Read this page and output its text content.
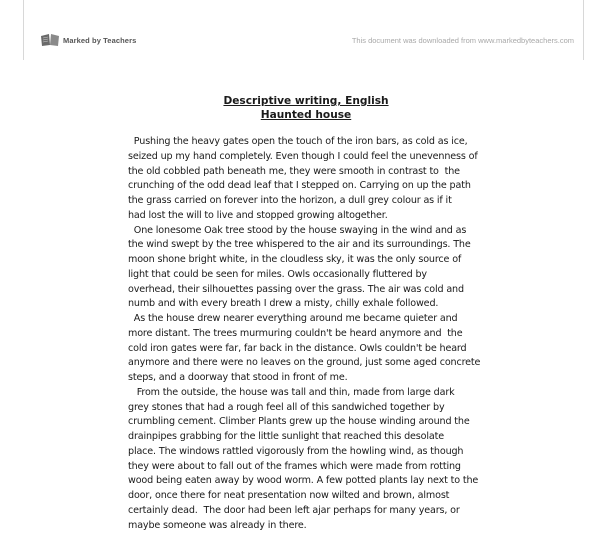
Marked by Teachers	This document was downloaded from www.markedbyteachers.com
Descriptive writing, English
Haunted house
Pushing the heavy gates open the touch of the iron bars, as cold as ice,
seized up my hand completely. Even though I could feel the unevenness of
the old cobbled path beneath me, they were smooth in contrast to  the
crunching of the odd dead leaf that I stepped on. Carrying on up the path
the grass carried on forever into the horizon, a dull grey colour as if it
had lost the will to live and stopped growing altogether.
One lonesome Oak tree stood by the house swaying in the wind and as
the wind swept by the tree whispered to the air and its surroundings. The
moon shone bright white, in the cloudless sky, it was the only source of
light that could be seen for miles. Owls occasionally fluttered by
overhead, their silhouettes passing over the grass. The air was cold and
numb and with every breath I drew a misty, chilly exhale followed.
As the house drew nearer everything around me became quieter and
more distant. The trees murmuring couldn't be heard anymore and  the
cold iron gates were far, far back in the distance. Owls couldn't be heard
anymore and there were no leaves on the ground, just some aged concrete
steps, and a doorway that stood in front of me.
From the outside, the house was tall and thin, made from large dark
grey stones that had a rough feel all of this sandwiched together by
crumbling cement. Climber Plants grew up the house winding around the
drainpipes grabbing for the little sunlight that reached this desolate
place. The windows rattled vigorously from the howling wind, as though
they were about to fall out of the frames which were made from rotting
wood being eaten away by wood worm. A few potted plants lay next to the
door, once there for neat presentation now wilted and brown, almost
certainly dead.  The door had been left ajar perhaps for many years, or
maybe someone was already in there.
